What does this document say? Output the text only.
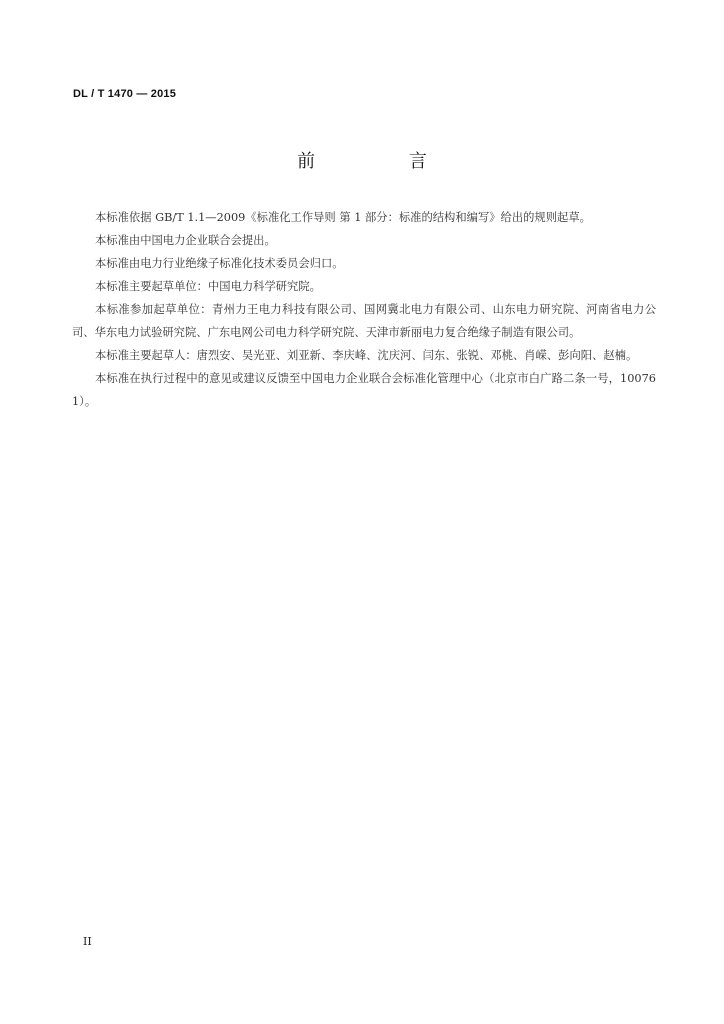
DL / T 1470 — 2015
前 言

本标准依据 GB/T 1.1—2009《标准化工作导则 第 1 部分：标准的结构和编写》给出的规则起草。

本标准由中国电力企业联合会提出。

本标准由电力行业绝缘子标准化技术委员会归口。

本标准主要起草单位：中国电力科学研究院。

本标准参加起草单位：青州力王电力科技有限公司、国网冀北电力有限公司、山东电力研究院、河南省电力公司、华东电力试验研究院、广东电网公司电力科学研究院、天津市新丽电力复合绝缘子制造有限公司。

本标准主要起草人：唐烈安、吴光亚、刘亚新、李庆峰、沈庆河、闫东、张锐、邓桃、肖嵘、彭向阳、赵楠。

本标准在执行过程中的意见或建议反馈至中国电力企业联合会标准化管理中心（北京市白广路二条一号，100761）。

II
